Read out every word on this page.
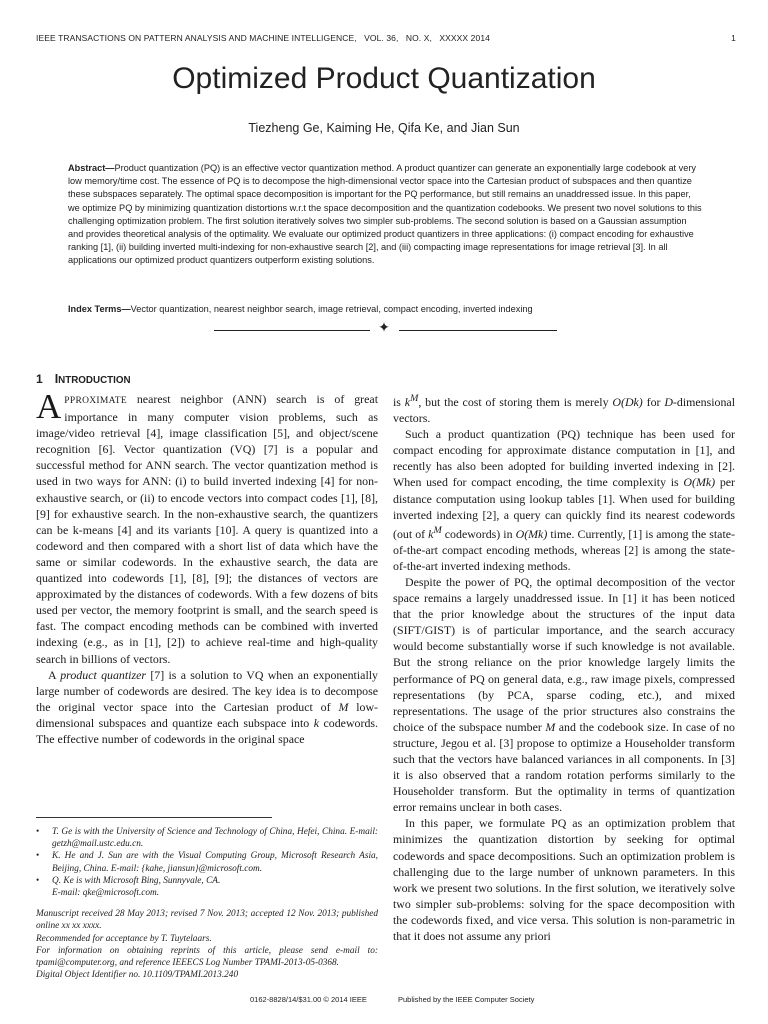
IEEE TRANSACTIONS ON PATTERN ANALYSIS AND MACHINE INTELLIGENCE, VOL. 36, NO. X, XXXXX 2014	1
Optimized Product Quantization
Tiezheng Ge, Kaiming He, Qifa Ke, and Jian Sun
Abstract—Product quantization (PQ) is an effective vector quantization method. A product quantizer can generate an exponentially large codebook at very low memory/time cost. The essence of PQ is to decompose the high-dimensional vector space into the Cartesian product of subspaces and then quantize these subspaces separately. The optimal space decomposition is important for the PQ performance, but still remains an unaddressed issue. In this paper, we optimize PQ by minimizing quantization distortions w.r.t the space decomposition and the quantization codebooks. We present two novel solutions to this challenging optimization problem. The first solution iteratively solves two simpler sub-problems. The second solution is based on a Gaussian assumption and provides theoretical analysis of the optimality. We evaluate our optimized product quantizers in three applications: (i) compact encoding for exhaustive ranking [1], (ii) building inverted multi-indexing for non-exhaustive search [2], and (iii) compacting image representations for image retrieval [3]. In all applications our optimized product quantizers outperform existing solutions.
Index Terms—Vector quantization, nearest neighbor search, image retrieval, compact encoding, inverted indexing
✦
1 INTRODUCTION

APPROXIMATE nearest neighbor (ANN) search is of great importance in many computer vision problems, such as image/video retrieval [4], image classification [5], and object/scene recognition [6]. Vector quantization (VQ) [7] is a popular and successful method for ANN search. The vector quantization method is used in two ways for ANN: (i) to build inverted indexing [4] for non-exhaustive search, or (ii) to encode vectors into compact codes [1], [8], [9] for exhaustive search. In the non-exhaustive search, the quantizers can be k-means [4] and its variants [10]. A query is quantized into a codeword and then compared with a short list of data which have the same or similar codewords. In the exhaustive search, the data are quantized into codewords [1], [8], [9]; the distances of vectors are approximated by the distances of codewords. With a few dozens of bits used per vector, the memory footprint is small, and the search speed is fast. The compact encoding methods can be combined with inverted indexing (e.g., as in [1], [2]) to achieve real-time and high-quality search in billions of vectors.

A product quantizer [7] is a solution to VQ when an exponentially large number of codewords are desired. The key idea is to decompose the original vector space into the Cartesian product of M low-dimensional subspaces and quantize each subspace into k codewords. The effective number of codewords in the original space

• T. Ge is with the University of Science and Technology of China, Hefei, China. E-mail: getzh@mail.ustc.edu.cn.
• K. He and J. Sun are with the Visual Computing Group, Microsoft Research Asia, Beijing, China. E-mail: {kahe, jiansun}@microsoft.com.
• Q. Ke is with Microsoft Bing, Sunnyvale, CA.
E-mail: qke@microsoft.com.
Manuscript received 28 May 2013; revised 7 Nov. 2013; accepted 12 Nov. 2013; published online xx xx xxxx.
Recommended for acceptance by T. Tuytelaars.
For information on obtaining reprints of this article, please send e-mail to: tpami@computer.org, and reference IEEECS Log Number TPAMI-2013-05-0368.
Digital Object Identifier no. 10.1109/TPAMI.2013.240

is $k^M$, but the cost of storing them is merely O(Dk) for D-dimensional vectors.

Such a product quantization (PQ) technique has been used for compact encoding for approximate distance computation in [1], and recently has also been adopted for building inverted indexing in [2]. When used for compact encoding, the time complexity is O(Mk) per distance computation using lookup tables [1]. When used for building inverted indexing [2], a query can quickly find its nearest codewords (out of $k^M$ codewords) in O(Mk) time. Currently, [1] is among the state-of-the-art compact encoding methods, whereas [2] is among the state-of-the-art inverted indexing methods.

Despite the power of PQ, the optimal decomposition of the vector space remains a largely unaddressed issue. In [1] it has been noticed that the prior knowledge about the structures of the input data (SIFT/GIST) is of particular importance, and the search accuracy would become substantially worse if such knowledge is not available. But the strong reliance on the prior knowledge largely limits the performance of PQ on general data, e.g., raw image pixels, compressed representations (by PCA, sparse coding, etc.), and mixed representations. The usage of the prior structures also constrains the choice of the subspace number M and the codebook size. In case of no structure, Jegou et al. [3] propose to optimize a Householder transform such that the vectors have balanced variances in all components. In [3] it is also observed that a random rotation performs similarly to the Householder transform. But the optimality in terms of quantization error remains unclear in both cases.

In this paper, we formulate PQ as an optimization problem that minimizes the quantization distortion by seeking for optimal codewords and space decompositions. Such an optimization problem is challenging due to the large number of unknown parameters. In this work we present two solutions. In the first solution, we iteratively solve two simpler sub-problems: solving for the space decomposition with the codewords fixed, and vice versa. This solution is non-parametric in that it does not assume any priori

0162-8828/14/$31.00 © 2014 IEEE	Published by the IEEE Computer Society
